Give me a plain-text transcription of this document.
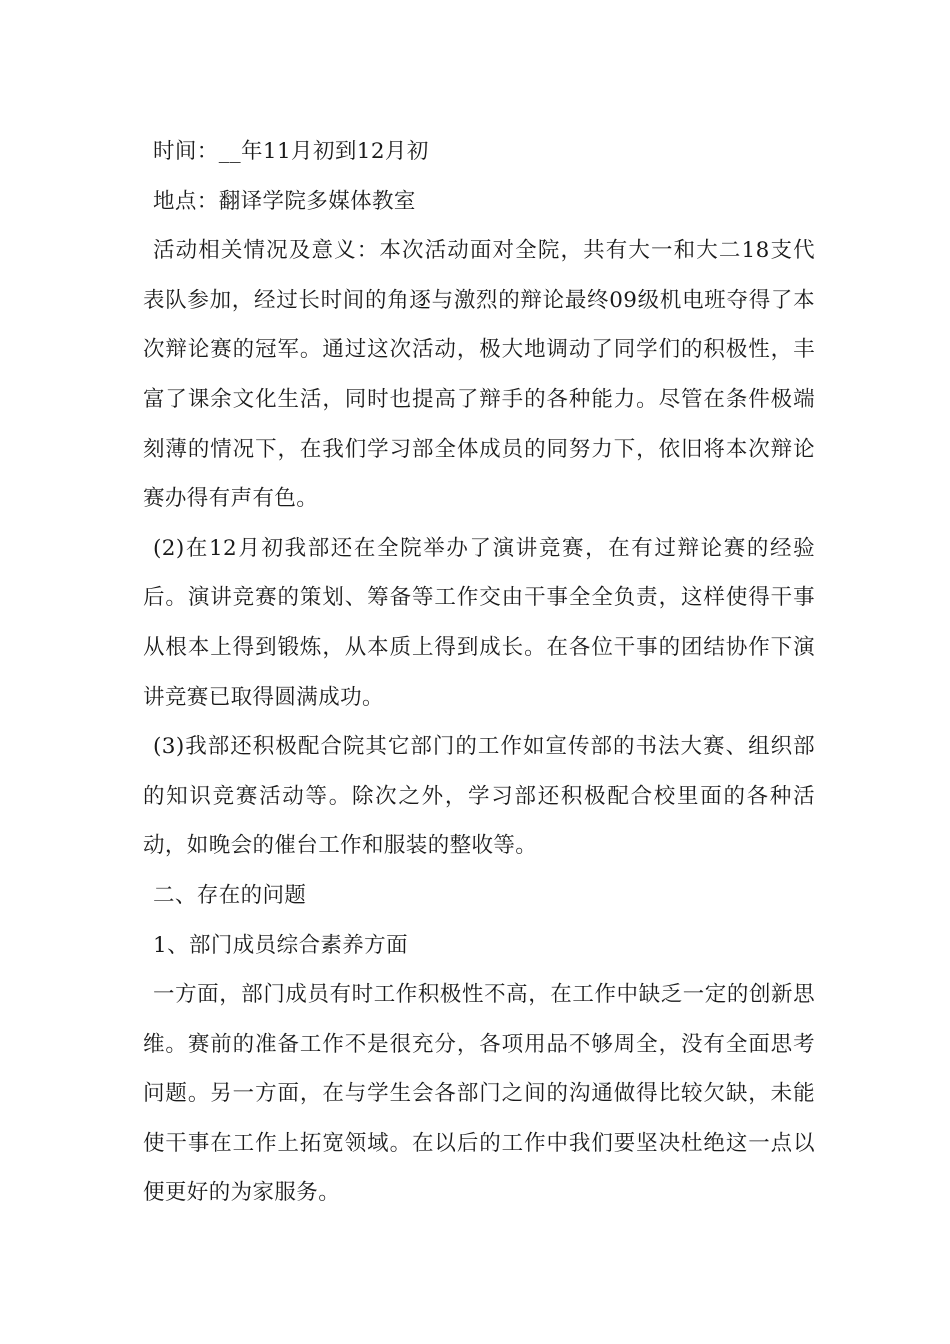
时间：__年11月初到12月初

地点：翻译学院多媒体教室

活动相关情况及意义：本次活动面对全院，共有大一和大二18支代表队参加，经过长时间的角逐与激烈的辩论最终09级机电班夺得了本次辩论赛的冠军。通过这次活动，极大地调动了同学们的积极性，丰富了课余文化生活，同时也提高了辩手的各种能力。尽管在条件极端刻薄的情况下，在我们学习部全体成员的同努力下，依旧将本次辩论赛办得有声有色。

(2)在12月初我部还在全院举办了演讲竞赛，在有过辩论赛的经验后。演讲竞赛的策划、筹备等工作交由干事全全负责，这样使得干事从根本上得到锻炼，从本质上得到成长。在各位干事的团结协作下演讲竞赛已取得圆满成功。

(3)我部还积极配合院其它部门的工作如宣传部的书法大赛、组织部的知识竞赛活动等。除次之外，学习部还积极配合校里面的各种活动，如晚会的催台工作和服装的整收等。

二、存在的问题

1、部门成员综合素养方面

一方面，部门成员有时工作积极性不高，在工作中缺乏一定的创新思维。赛前的准备工作不是很充分，各项用品不够周全，没有全面思考问题。另一方面，在与学生会各部门之间的沟通做得比较欠缺，未能使干事在工作上拓宽领域。在以后的工作中我们要坚决杜绝这一点以便更好的为家服务。
